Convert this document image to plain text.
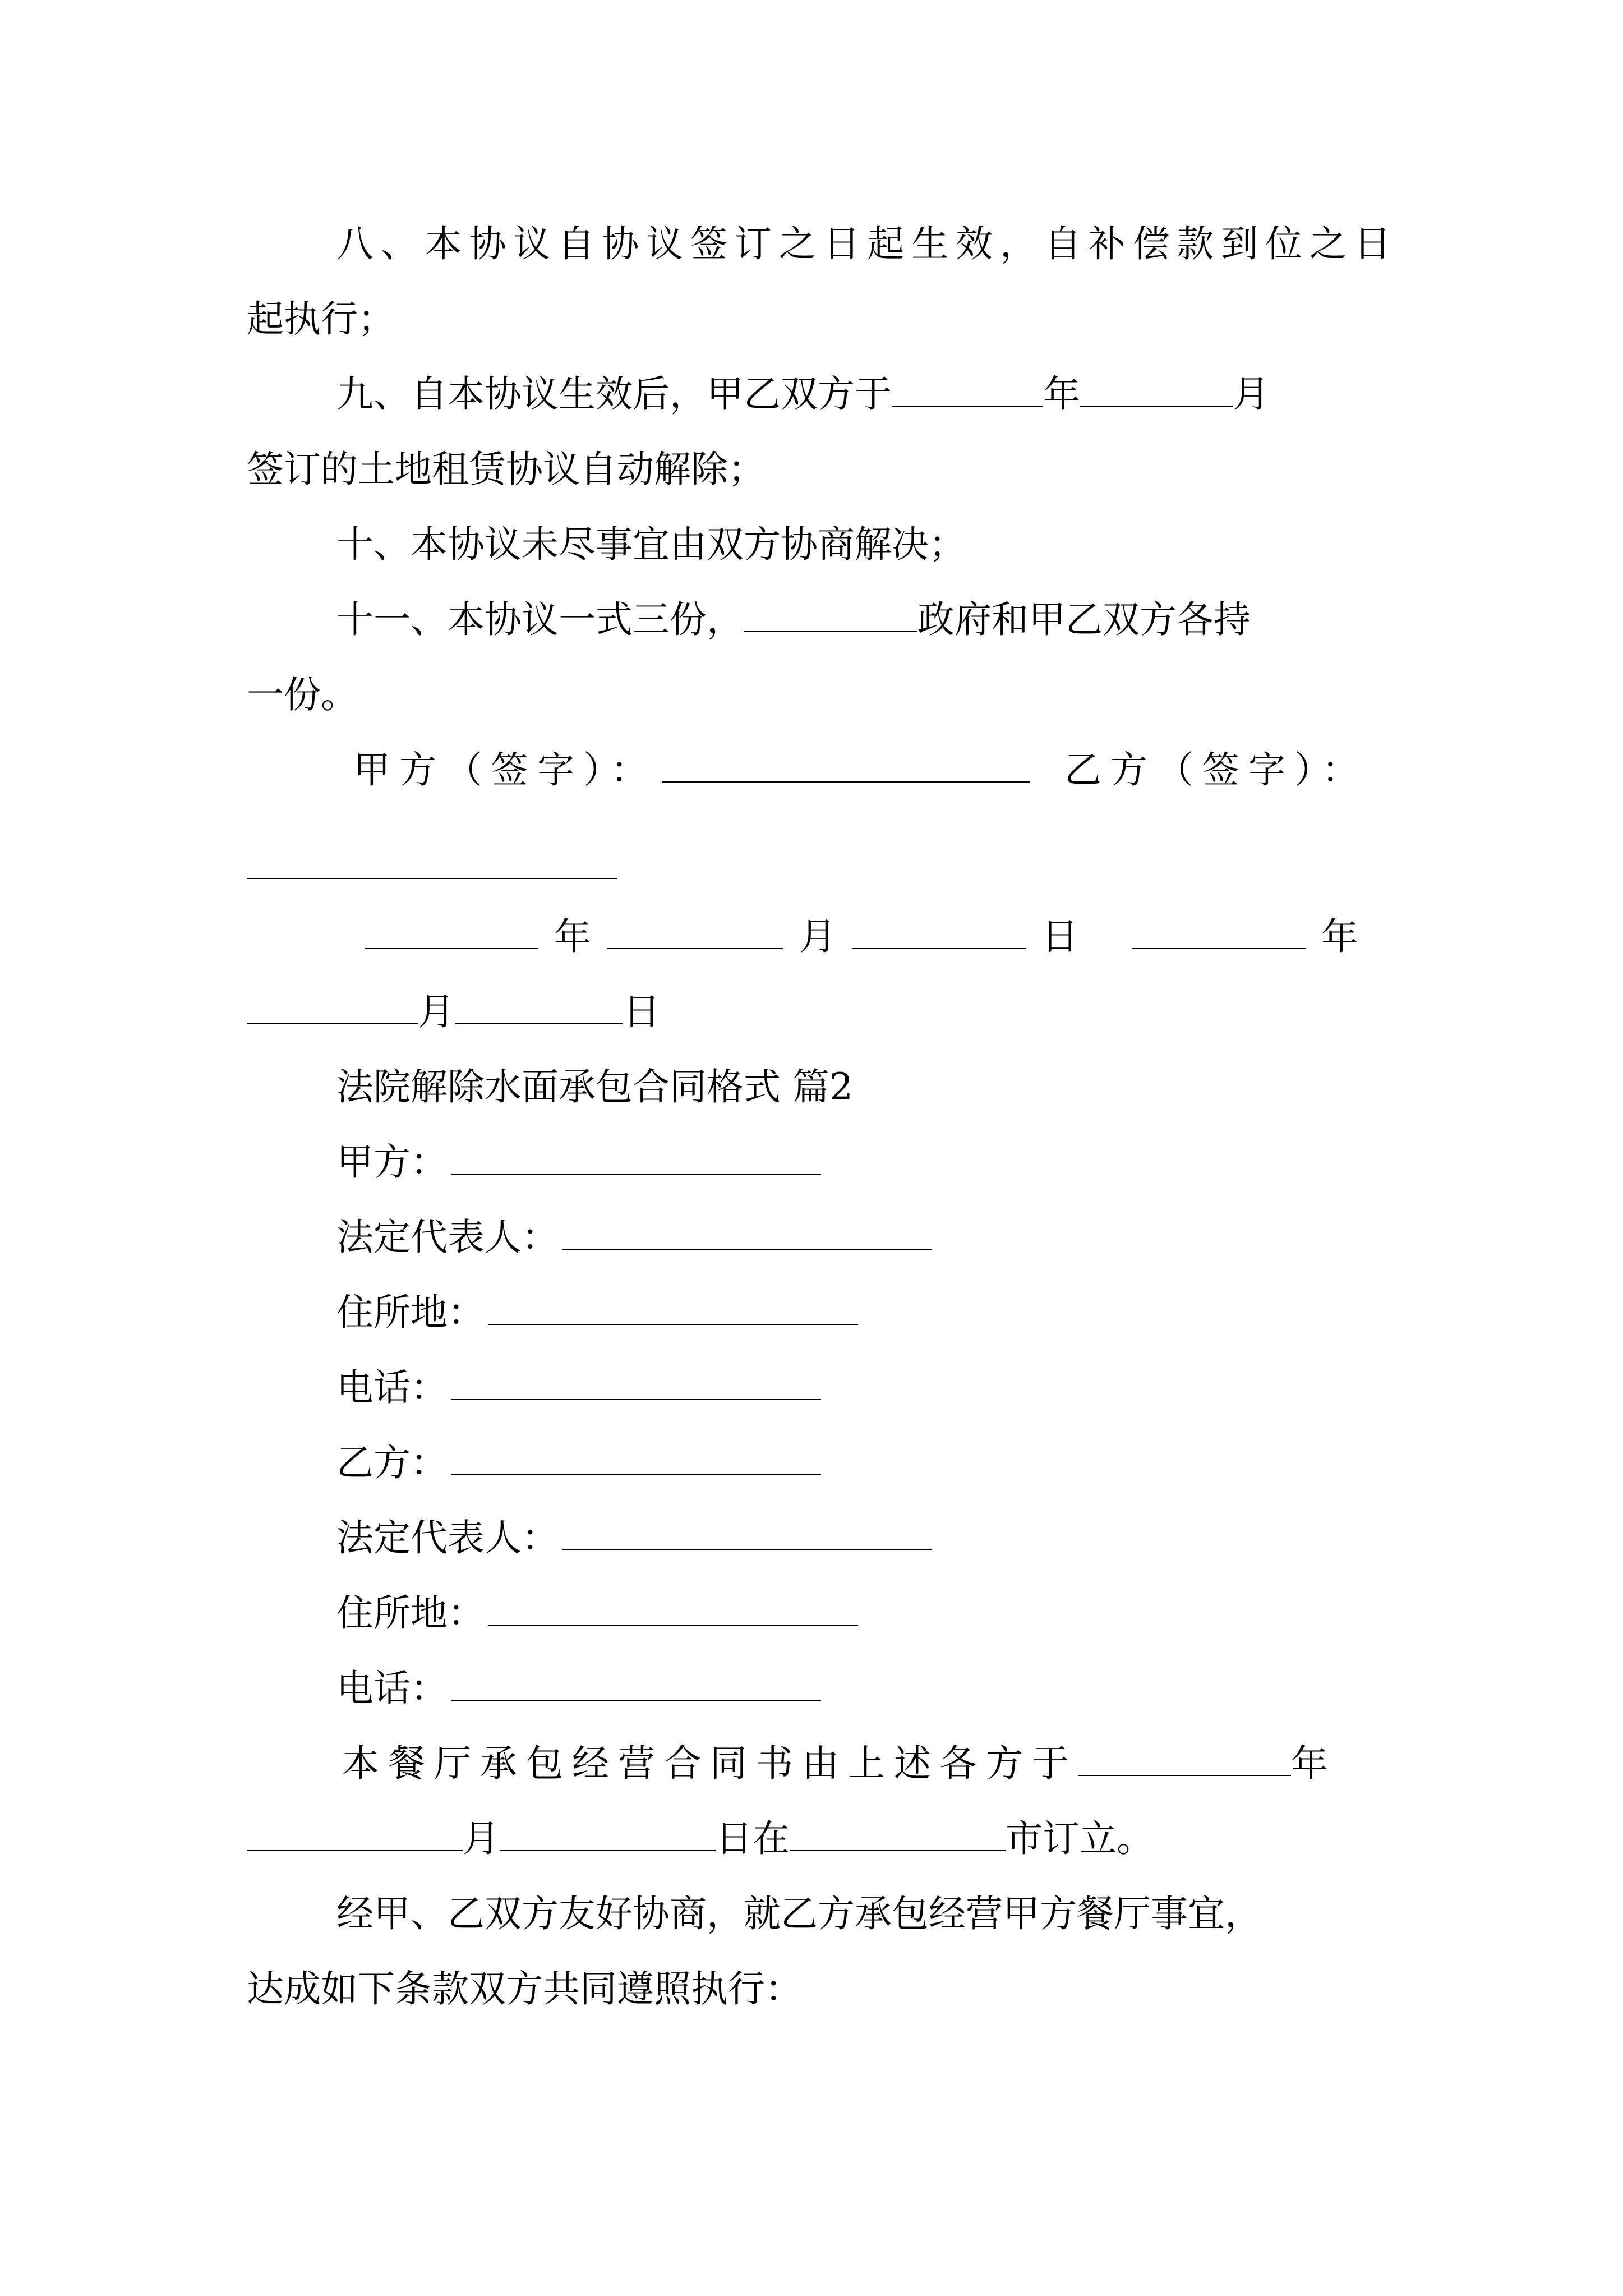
八、本协议自协议签订之日起生效，自补偿款到位之日
起执行；
九、自本协议生效后，甲乙双方于	年	月
签订的土地租赁协议自动解除；
十、本协议未尽事宜由双方协商解决；
十一、本协议一式三份，	政府和甲乙双方各持
一份。
甲方（签字）：	乙方（签字）：
年	月	日	年
月	日
法院解除水面承包合同格式 篇2
甲方：
法定代表人：
住所地：
电话：
乙方：
法定代表人：
住所地：
电话：
本餐厅承包经营合同书由上述各方于	年
月	日在	市订立。
经甲、乙双方友好协商，就乙方承包经营甲方餐厅事宜，
达成如下条款双方共同遵照执行：
